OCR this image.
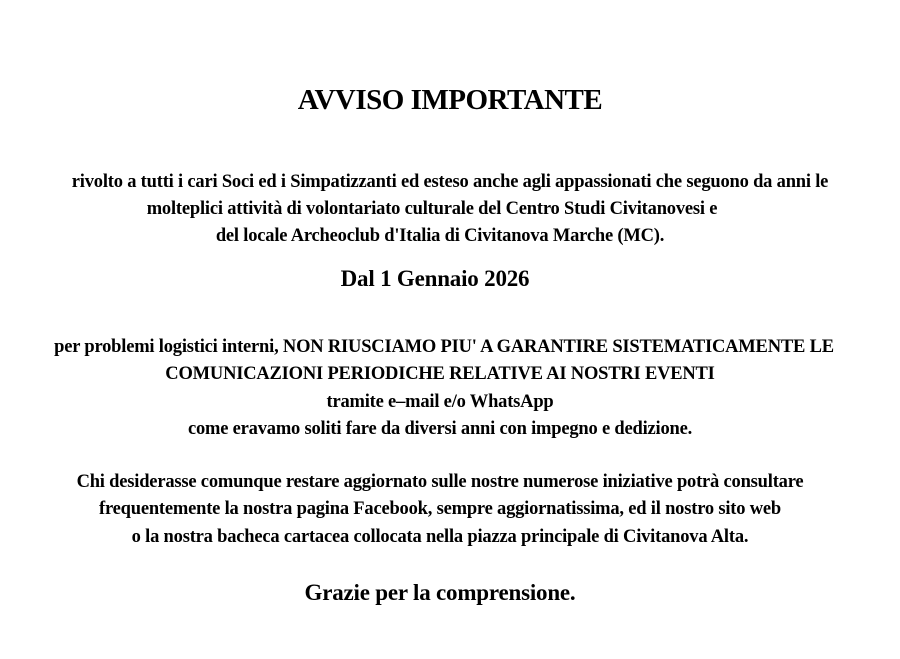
AVVISO IMPORTANTE
rivolto a tutti i cari Soci ed i Simpatizzanti ed esteso anche agli appassionati che seguono da anni le
molteplici attività di volontariato culturale del Centro Studi Civitanovesi e
del locale Archeoclub d'Italia di Civitanova Marche (MC).
Dal 1 Gennaio 2026
per problemi logistici interni, NON RIUSCIAMO PIU' A GARANTIRE SISTEMATICAMENTE LE
COMUNICAZIONI PERIODICHE RELATIVE AI NOSTRI EVENTI
tramite e–mail e/o WhatsApp
come eravamo soliti fare da diversi anni con impegno e dedizione.
Chi desiderasse comunque restare aggiornato sulle nostre numerose iniziative potrà consultare
frequentemente la nostra pagina Facebook, sempre aggiornatissima, ed il nostro sito web
o la nostra bacheca cartacea collocata nella piazza principale di Civitanova Alta.
Grazie per la comprensione.
